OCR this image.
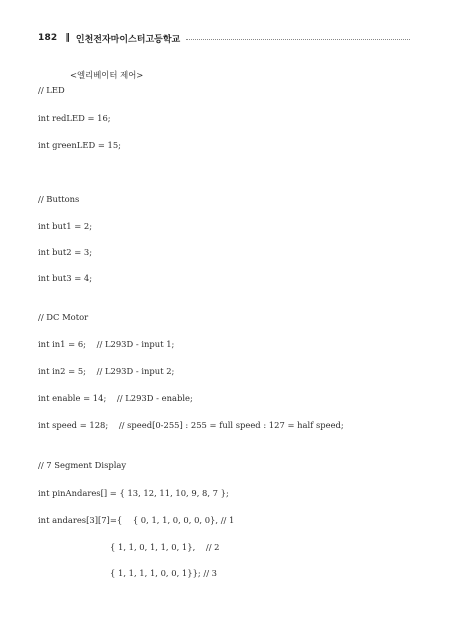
182 ‖ 인천전자마이스터고등학교
<엘리베이터 제어>
// LED
int redLED = 16;
int greenLED = 15;
// Buttons
int but1 = 2;
int but2 = 3;
int but3 = 4;
// DC Motor
int in1 = 6;    // L293D - input 1;
int in2 = 5;    // L293D - input 2;
int enable = 14;    // L293D - enable;
int speed = 128;    // speed[0-255] : 255 = full speed : 127 = half speed;
// 7 Segment Display
int pinAndares[] = { 13, 12, 11, 10, 9, 8, 7 };
int andares[3][7]={    { 0, 1, 1, 0, 0, 0, 0}, // 1
{ 1, 1, 0, 1, 1, 0, 1},    // 2
{ 1, 1, 1, 1, 0, 0, 1}}; // 3
